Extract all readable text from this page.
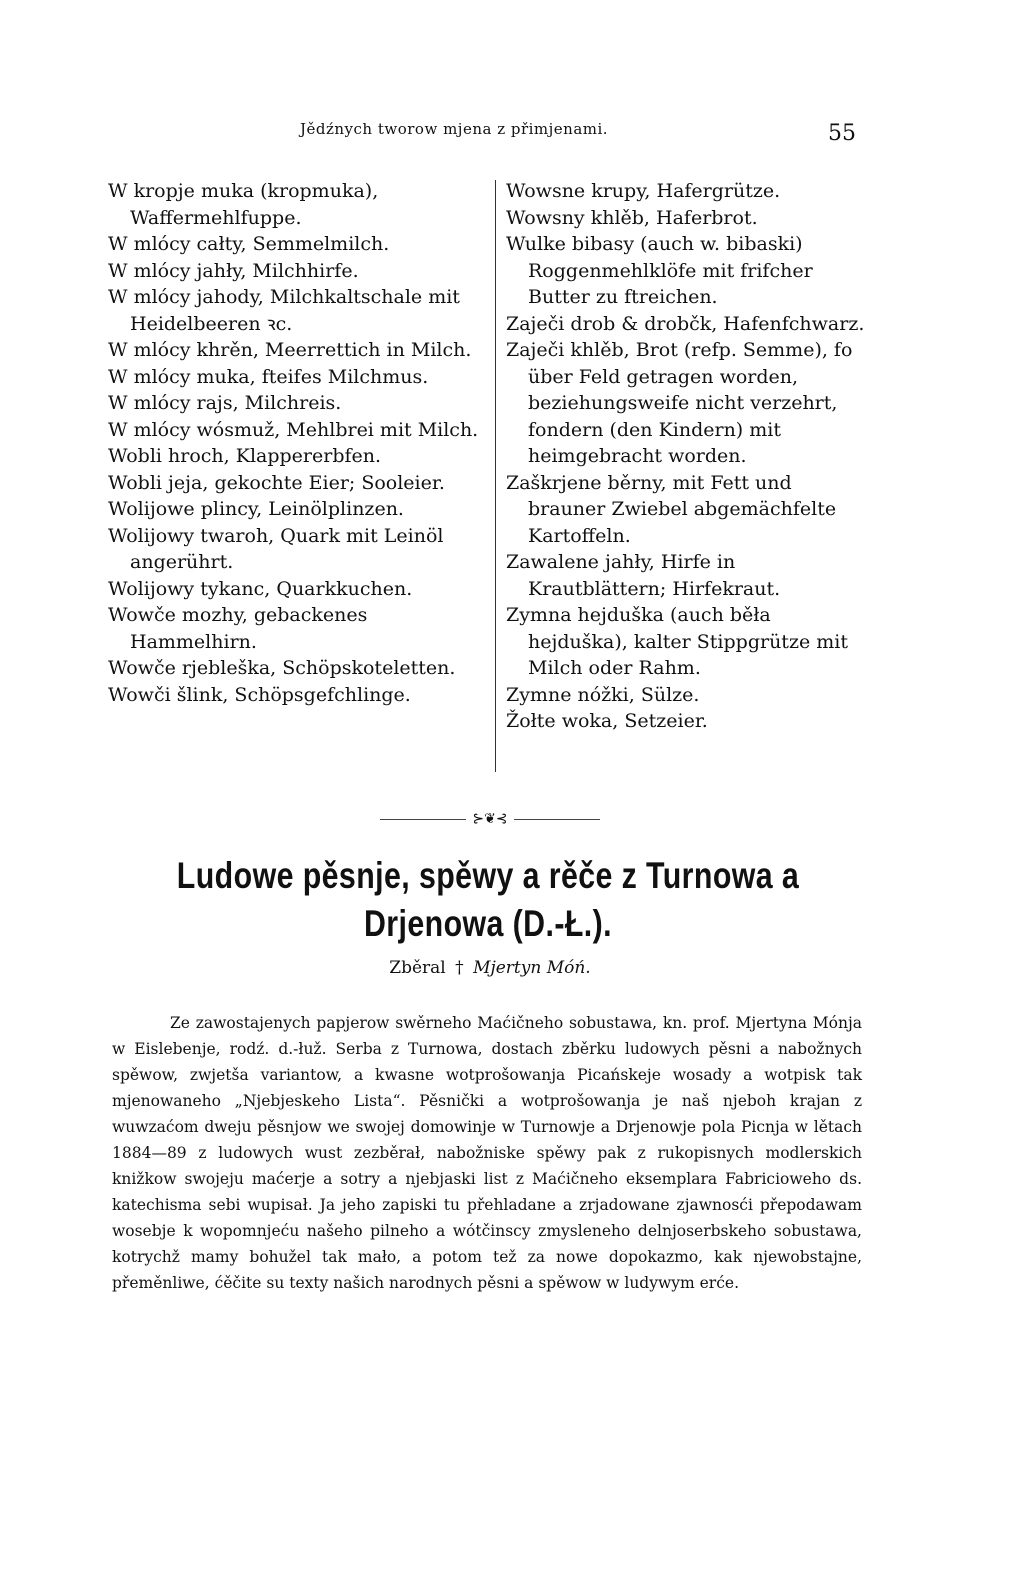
Jědźnych tworow mjena z přimjenami.	55

W kropje muka (kropmuka), Waffermehlfuppe.

W mlócy całty, Semmelmilch.

W mlócy jahły, Milchhirfe.

W mlócy jahody, Milchkaltschale mit Heidelbeeren ꝛc.

W mlócy khrěn, Meerrettich in Milch.

W mlócy muka, fteifes Milchmus.

W mlócy rajs, Milchreis.

W mlócy wósmuž, Mehlbrei mit Milch.

Wobli hroch, Klappererbfen.

Wobli jeja, gekochte Eier; Sooleier.

Wolijowe plincy, Leinölplinzen.

Wolijowy twaroh, Quark mit Leinöl angerührt.

Wolijowy tykanc, Quarkkuchen.

Wowče mozhy, gebackenes Hammelhirn.

Wowče rjebleška, Schöpskoteletten.

Wowči šlink, Schöpsgefchlinge.

Wowsne krupy, Hafergrütze.

Wowsny khlěb, Haferbrot.

Wulke bibasy (auch w. bibaski) Roggenmehlklöfe mit frifcher Butter zu ftreichen.

Zaječi drob & drobčk, Hafenfchwarz.

Zaječi khlěb, Brot (refp. Semme), fo über Feld getragen worden, beziehungsweife nicht verzehrt, fondern (den Kindern) mit heimgebracht worden.

Zaškrjene běrny, mit Fett und brauner Zwiebel abgemächfelte Kartoffeln.

Zawalene jahły, Hirfe in Krautblättern; Hirfekraut.

Zymna hejduška (auch běła hejduška), kalter Stippgrütze mit Milch oder Rahm.

Zymne nóžki, Sülze.

Žołte woka, Setzeier.

⊱❦⊰
Ludowe pěsnje, spěwy a rěče z Turnowa a Drjenowa (D.-Ł.).
Zběral † Mjertyn Móń.

Ze zawostajenych papjerow swěrneho Maćičneho sobustawa, kn. prof. Mjertyna Mónja w Eislebenje, rodź. d.-łuž. Serba z Turnowa, dostach zběrku ludowych pěsni a nabožnych spěwow, zwjetša variantow, a kwasne wotprošowanja Picańskeje wosady a wotpisk tak mjenowaneho „Njebjeskeho Lista“. Pěsnički a wotprošowanja je naš njeboh krajan z wuwzaćom dweju pěsnjow we swojej domowinje w Turnowje a Drjenowje pola Picnja w lětach 1884—89 z ludowych wust zezběrał, nabožniske spěwy pak z rukopisnych modlerskich knižkow swojeju maćerje a sotry a njebjaski list z Maćičneho eksemplara Fabricioweho ds. katechisma sebi wupisał. Ja jeho zapiski tu přehladane a zrjadowane zjawnosći přepodawam wosebje k wopomnjeću našeho pilneho a wótčinscy zmysleneho delnjoserbskeho sobustawa, kotrychž mamy bohužel tak mało, a potom tež za nowe dopokazmo, kak njewobstajne, přeměnliwe, ćěčite su texty našich narodnych pěsni a spěwow w ludywym erće.
